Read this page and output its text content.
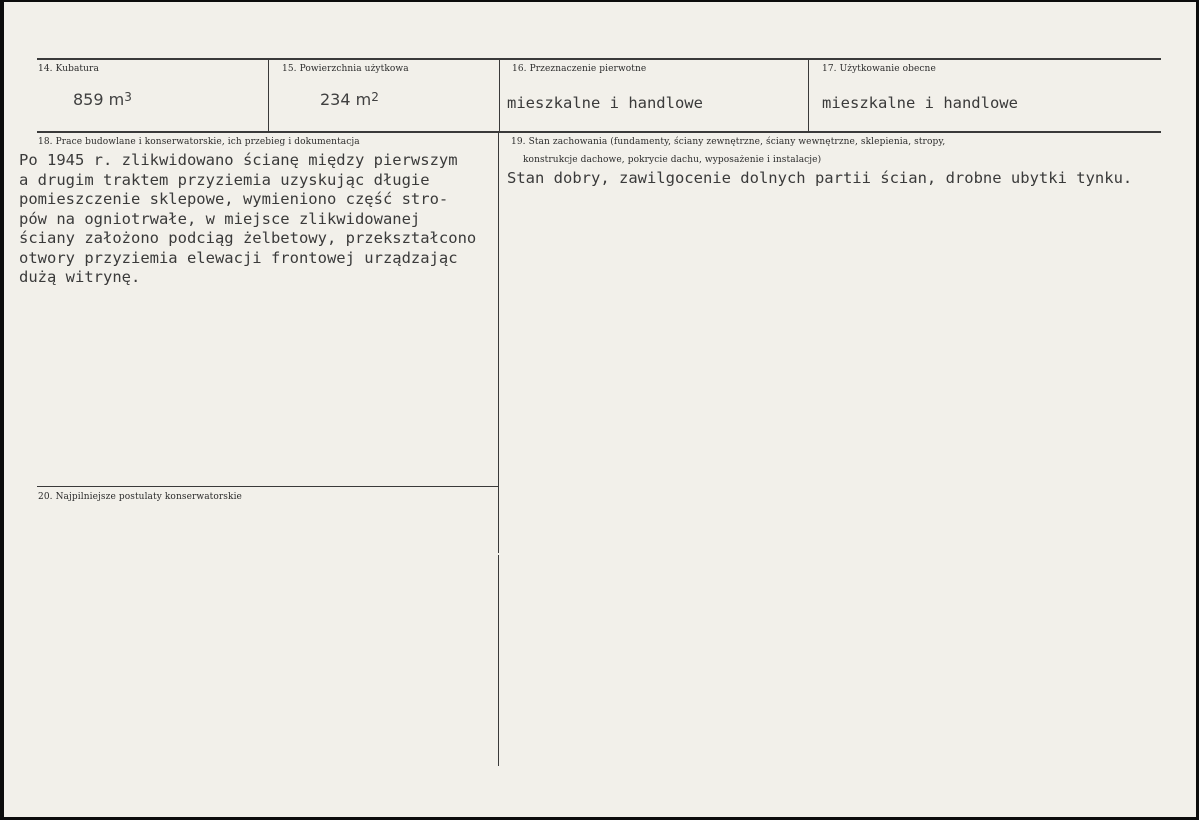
14. Kubatura
859 $m^3$
15. Powierzchnia użytkowa
234 $m^2$
16. Przeznaczenie pierwotne
mieszkalne i handlowe
17. Użytkowanie obecne
mieszkalne i handlowe
18. Prace budowlane i konserwatorskie, ich przebieg i dokumentacja
Po 1945 r. zlikwidowano ścianę między pierwszym
a drugim traktem przyziemia uzyskując długie
pomieszczenie sklepowe, wymieniono część stro-
pów na ogniotrwałe, w miejsce zlikwidowanej
ściany założono podciąg żelbetowy, przekształcono
otwory przyziemia elewacji frontowej urządzając
dużą witrynę.
19. Stan zachowania (fundamenty, ściany zewnętrzne, ściany wewnętrzne, sklepienia, stropy,
konstrukcje dachowe, pokrycie dachu, wyposażenie i instalacje)
Stan dobry, zawilgocenie dolnych partii ścian, drobne ubytki tynku.
20. Najpilniejsze postulaty konserwatorskie
